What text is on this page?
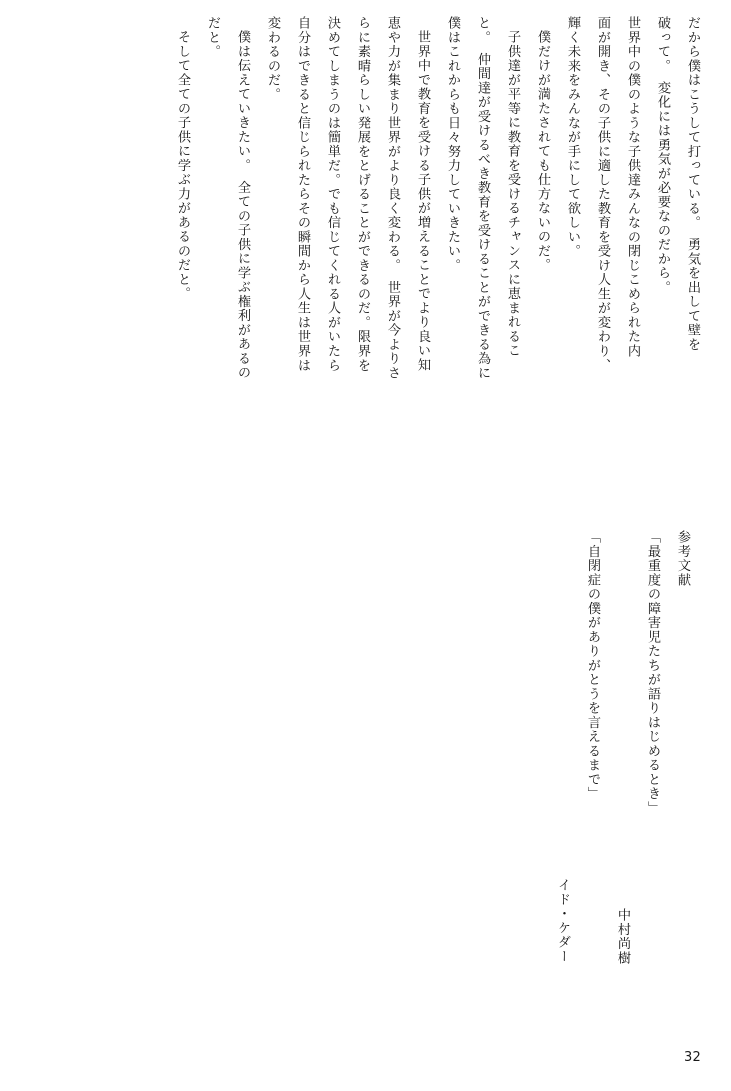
だから僕はこうして打っている。　勇気を出して壁を
破って。　変化には勇気が必要なのだから。
世界中の僕のような子供達みんなの閉じこめられた内
面が開き、その子供に適した教育を受け人生が変わり、
輝く未来をみんなが手にして欲しい。
僕だけが満たされても仕方ないのだ。
子供達が平等に教育を受けるチャンスに恵まれるこ
と。　仲間達が受けるべき教育を受けることができる為に
僕はこれからも日々努力していきたい。
世界中で教育を受ける子供が増えることでより良い知
恵や力が集まり世界がより良く変わる。　世界が今よりさ
らに素晴らしい発展をとげることができるのだ。限界を
決めてしまうのは簡単だ。でも信じてくれる人がいたら
自分はできると信じられたらその瞬間から人生は世界は
変わるのだ。
僕は伝えていきたい。　全ての子供に学ぶ権利があるの
だと。
そして全ての子供に学ぶ力があるのだと。
参考文献
「最重度の障害児たちが語りはじめるとき」
中村尚樹
「自閉症の僕がありがとうを言えるまで」
イド・ケダー
32
